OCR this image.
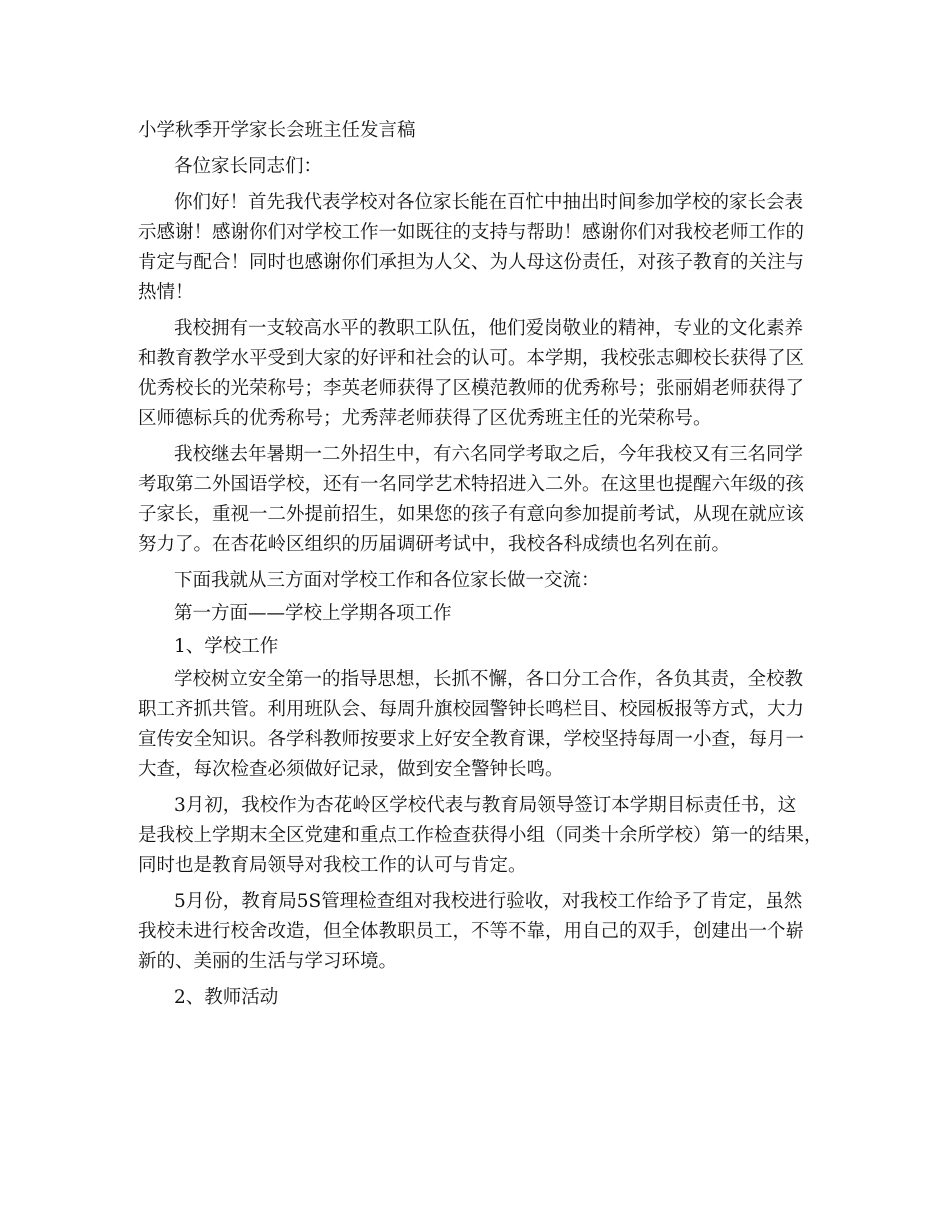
小学秋季开学家长会班主任发言稿
各位家长同志们：
你们好！首先我代表学校对各位家长能在百忙中抽出时间参加学校的家长会表
示感谢！感谢你们对学校工作一如既往的支持与帮助！感谢你们对我校老师工作的
肯定与配合！同时也感谢你们承担为人父、为人母这份责任，对孩子教育的关注与
热情！
我校拥有一支较高水平的教职工队伍，他们爱岗敬业的精神，专业的文化素养
和教育教学水平受到大家的好评和社会的认可。本学期，我校张志卿校长获得了区
优秀校长的光荣称号；李英老师获得了区模范教师的优秀称号；张丽娟老师获得了
区师德标兵的优秀称号；尤秀萍老师获得了区优秀班主任的光荣称号。
我校继去年暑期一二外招生中，有六名同学考取之后，今年我校又有三名同学
考取第二外国语学校，还有一名同学艺术特招进入二外。在这里也提醒六年级的孩
子家长，重视一二外提前招生，如果您的孩子有意向参加提前考试，从现在就应该
努力了。在杏花岭区组织的历届调研考试中，我校各科成绩也名列在前。
下面我就从三方面对学校工作和各位家长做一交流：
第一方面——学校上学期各项工作
1、学校工作
学校树立安全第一的指导思想，长抓不懈，各口分工合作，各负其责，全校教
职工齐抓共管。利用班队会、每周升旗校园警钟长鸣栏目、校园板报等方式，大力
宣传安全知识。各学科教师按要求上好安全教育课，学校坚持每周一小查，每月一
大查，每次检查必须做好记录，做到安全警钟长鸣。
3月初，我校作为杏花岭区学校代表与教育局领导签订本学期目标责任书，这
是我校上学期末全区党建和重点工作检查获得小组（同类十余所学校）第一的结果，
同时也是教育局领导对我校工作的认可与肯定。
5月份，教育局5S管理检查组对我校进行验收，对我校工作给予了肯定，虽然
我校未进行校舍改造，但全体教职员工，不等不靠，用自己的双手，创建出一个崭
新的、美丽的生活与学习环境。
2、教师活动
